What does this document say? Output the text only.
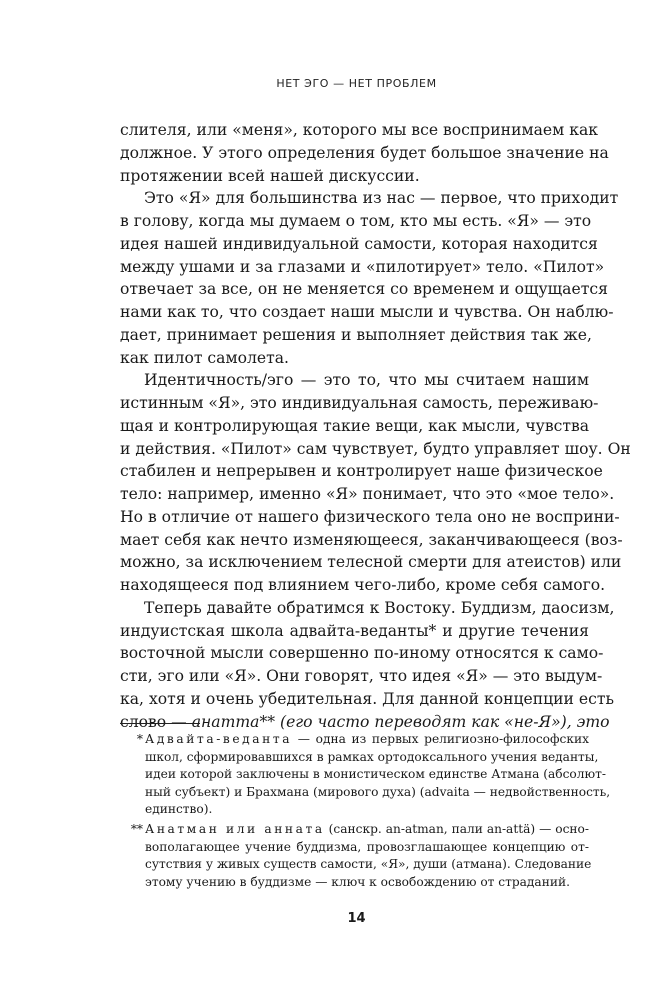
НЕТ ЭГО — НЕТ ПРОБЛЕМ
слителя, или «меня», которого мы все воспринимаем как
должное. У этого определения будет большое значение на
протяжении всей нашей дискуссии.
Это «Я» для большинства из нас — первое, что приходит
в голову, когда мы думаем о том, кто мы есть. «Я» — это
идея нашей индивидуальной самости, которая находится
между ушами и за глазами и «пилотирует» тело. «Пилот»
отвечает за все, он не меняется со временем и ощущается
нами как то, что создает наши мысли и чувства. Он наблю-
дает, принимает решения и выполняет действия так же,
как пилот самолета.
Идентичность/эго — это то, что мы считаем нашим
истинным «Я», это индивидуальная самость, переживаю-
щая и контролирующая такие вещи, как мысли, чувства
и действия. «Пилот» сам чувствует, будто управляет шоу. Он
стабилен и непрерывен и контролирует наше физическое
тело: например, именно «Я» понимает, что это «мое тело».
Но в отличие от нашего физического тела оно не восприни-
мает себя как нечто изменяющееся, заканчивающееся (воз-
можно, за исключением телесной смерти для атеистов) или
находящееся под влиянием чего-либо, кроме себя самого.
Теперь давайте обратимся к Востоку. Буддизм, даосизм,
индуистская школа адвайта-веданты* и другие течения
восточной мысли совершенно по-иному относятся к само-
сти, эго или «Я». Они говорят, что идея «Я» — это выдум-
ка, хотя и очень убедительная. Для данной концепции есть
слово — анатта** (его часто переводят как «не-Я»), это
* Адвайта-веданта — одна из первых религиозно-философских
школ, сформировавшихся в рамках ортодоксального учения веданты,
идеи которой заключены в монистическом единстве Атмана (абсолют-
ный субъект) и Брахмана (мирового духа) (advaita — недвойственность,
единство).
** Анатман или анната (санскр. an-atman, пали an-attä) — осно-
вополагающее учение буддизма, провозглашающее концепцию от-
сутствия у живых существ самости, «Я», души (атмана). Следование
этому учению в буддизме — ключ к освобождению от страданий.
14
